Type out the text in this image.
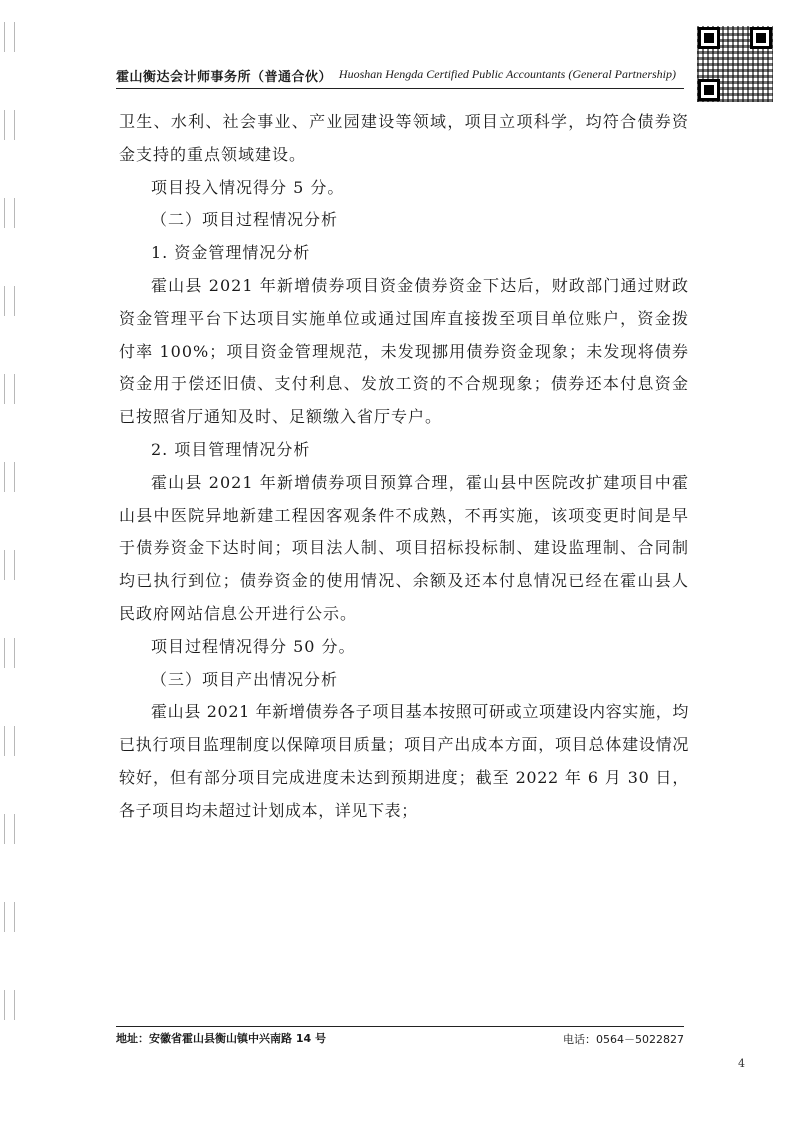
霍山衡达会计师事务所（普通合伙） Huoshan Hengda Certified Public Accountants (General Partnership)

卫生、水利、社会事业、产业园建设等领域，项目立项科学，均符合债券资金支持的重点领域建设。

项目投入情况得分 5 分。

（二）项目过程情况分析

1. 资金管理情况分析

霍山县 2021 年新增债券项目资金债券资金下达后，财政部门通过财政资金管理平台下达项目实施单位或通过国库直接拨至项目单位账户，资金拨付率 100%；项目资金管理规范，未发现挪用债券资金现象；未发现将债券资金用于偿还旧债、支付利息、发放工资的不合规现象；债券还本付息资金已按照省厅通知及时、足额缴入省厅专户。

2. 项目管理情况分析

霍山县 2021 年新增债券项目预算合理，霍山县中医院改扩建项目中霍山县中医院异地新建工程因客观条件不成熟，不再实施，该项变更时间是早于债券资金下达时间；项目法人制、项目招标投标制、建设监理制、合同制均已执行到位；债券资金的使用情况、余额及还本付息情况已经在霍山县人民政府网站信息公开进行公示。

项目过程情况得分 50 分。

（三）项目产出情况分析

霍山县 2021 年新增债券各子项目基本按照可研或立项建设内容实施，均已执行项目监理制度以保障项目质量；项目产出成本方面，项目总体建设情况较好，但有部分项目完成进度未达到预期进度；截至 2022 年 6 月 30 日，各子项目均未超过计划成本，详见下表；

地址：安徽省霍山县衡山镇中兴南路 14 号	电话：0564－5022827
4
